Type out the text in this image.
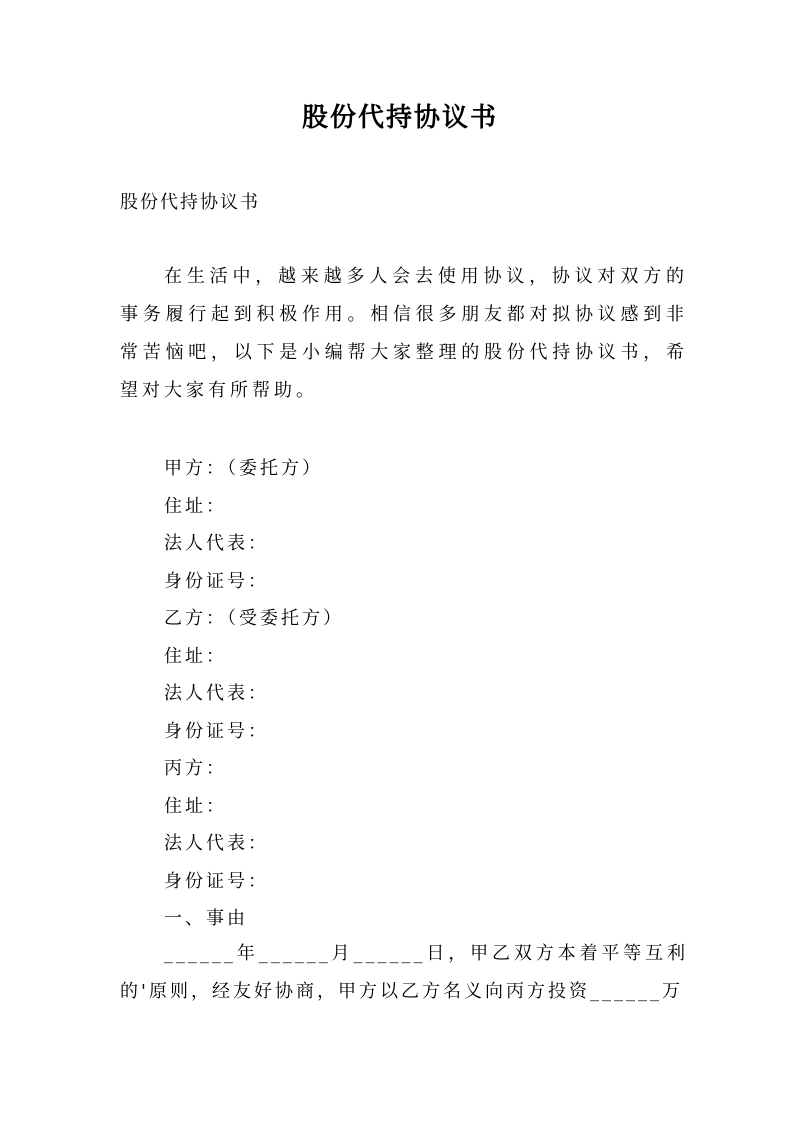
股份代持协议书
股份代持协议书
在生活中，越来越多人会去使用协议，协议对双方的事务履行起到积极作用。相信很多朋友都对拟协议感到非常苦恼吧，以下是小编帮大家整理的股份代持协议书，希望对大家有所帮助。
甲方：（委托方）
住址：
法人代表：
身份证号：
乙方：（受委托方）
住址：
法人代表：
身份证号：
丙方：
住址：
法人代表：
身份证号：
一、事由
______年______月______日，甲乙双方本着平等互利的'原则，经友好协商，甲方以乙方名义向丙方投资______万
